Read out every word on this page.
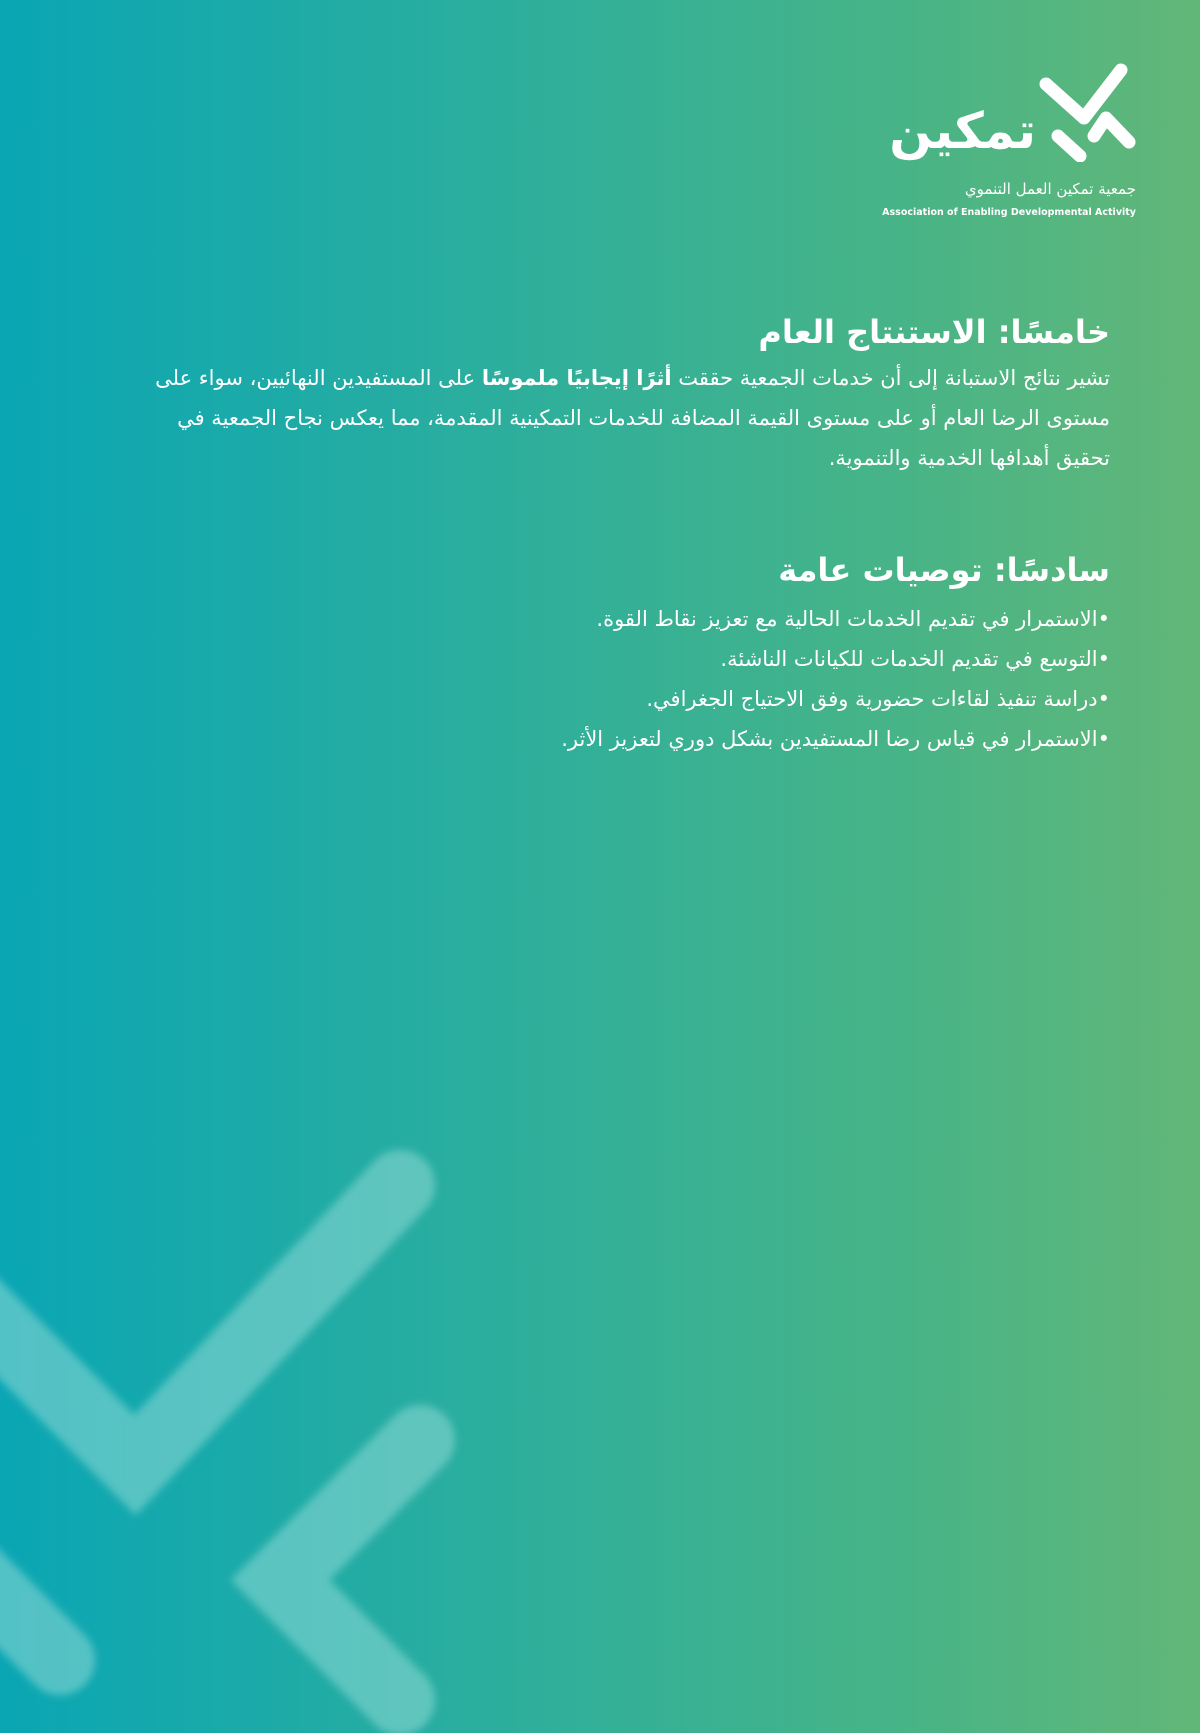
تمكين
جمعية تمكين العمل التنموي
Association of Enabling Developmental Activity
خامسًا: الاستنتاج العام

تشير نتائج الاستبانة إلى أن خدمات الجمعية حققت أثرًا إيجابيًا ملموسًا على المستفيدين النهائيين، سواء على مستوى الرضا العام أو على مستوى القيمة المضافة للخدمات التمكينية المقدمة، مما يعكس نجاح الجمعية في تحقيق أهدافها الخدمية والتنموية.

سادسًا: توصيات عامة
•الاستمرار في تقديم الخدمات الحالية مع تعزيز نقاط القوة.
•التوسع في تقديم الخدمات للكيانات الناشئة.
•دراسة تنفيذ لقاءات حضورية وفق الاحتياج الجغرافي.
•الاستمرار في قياس رضا المستفيدين بشكل دوري لتعزيز الأثر.
